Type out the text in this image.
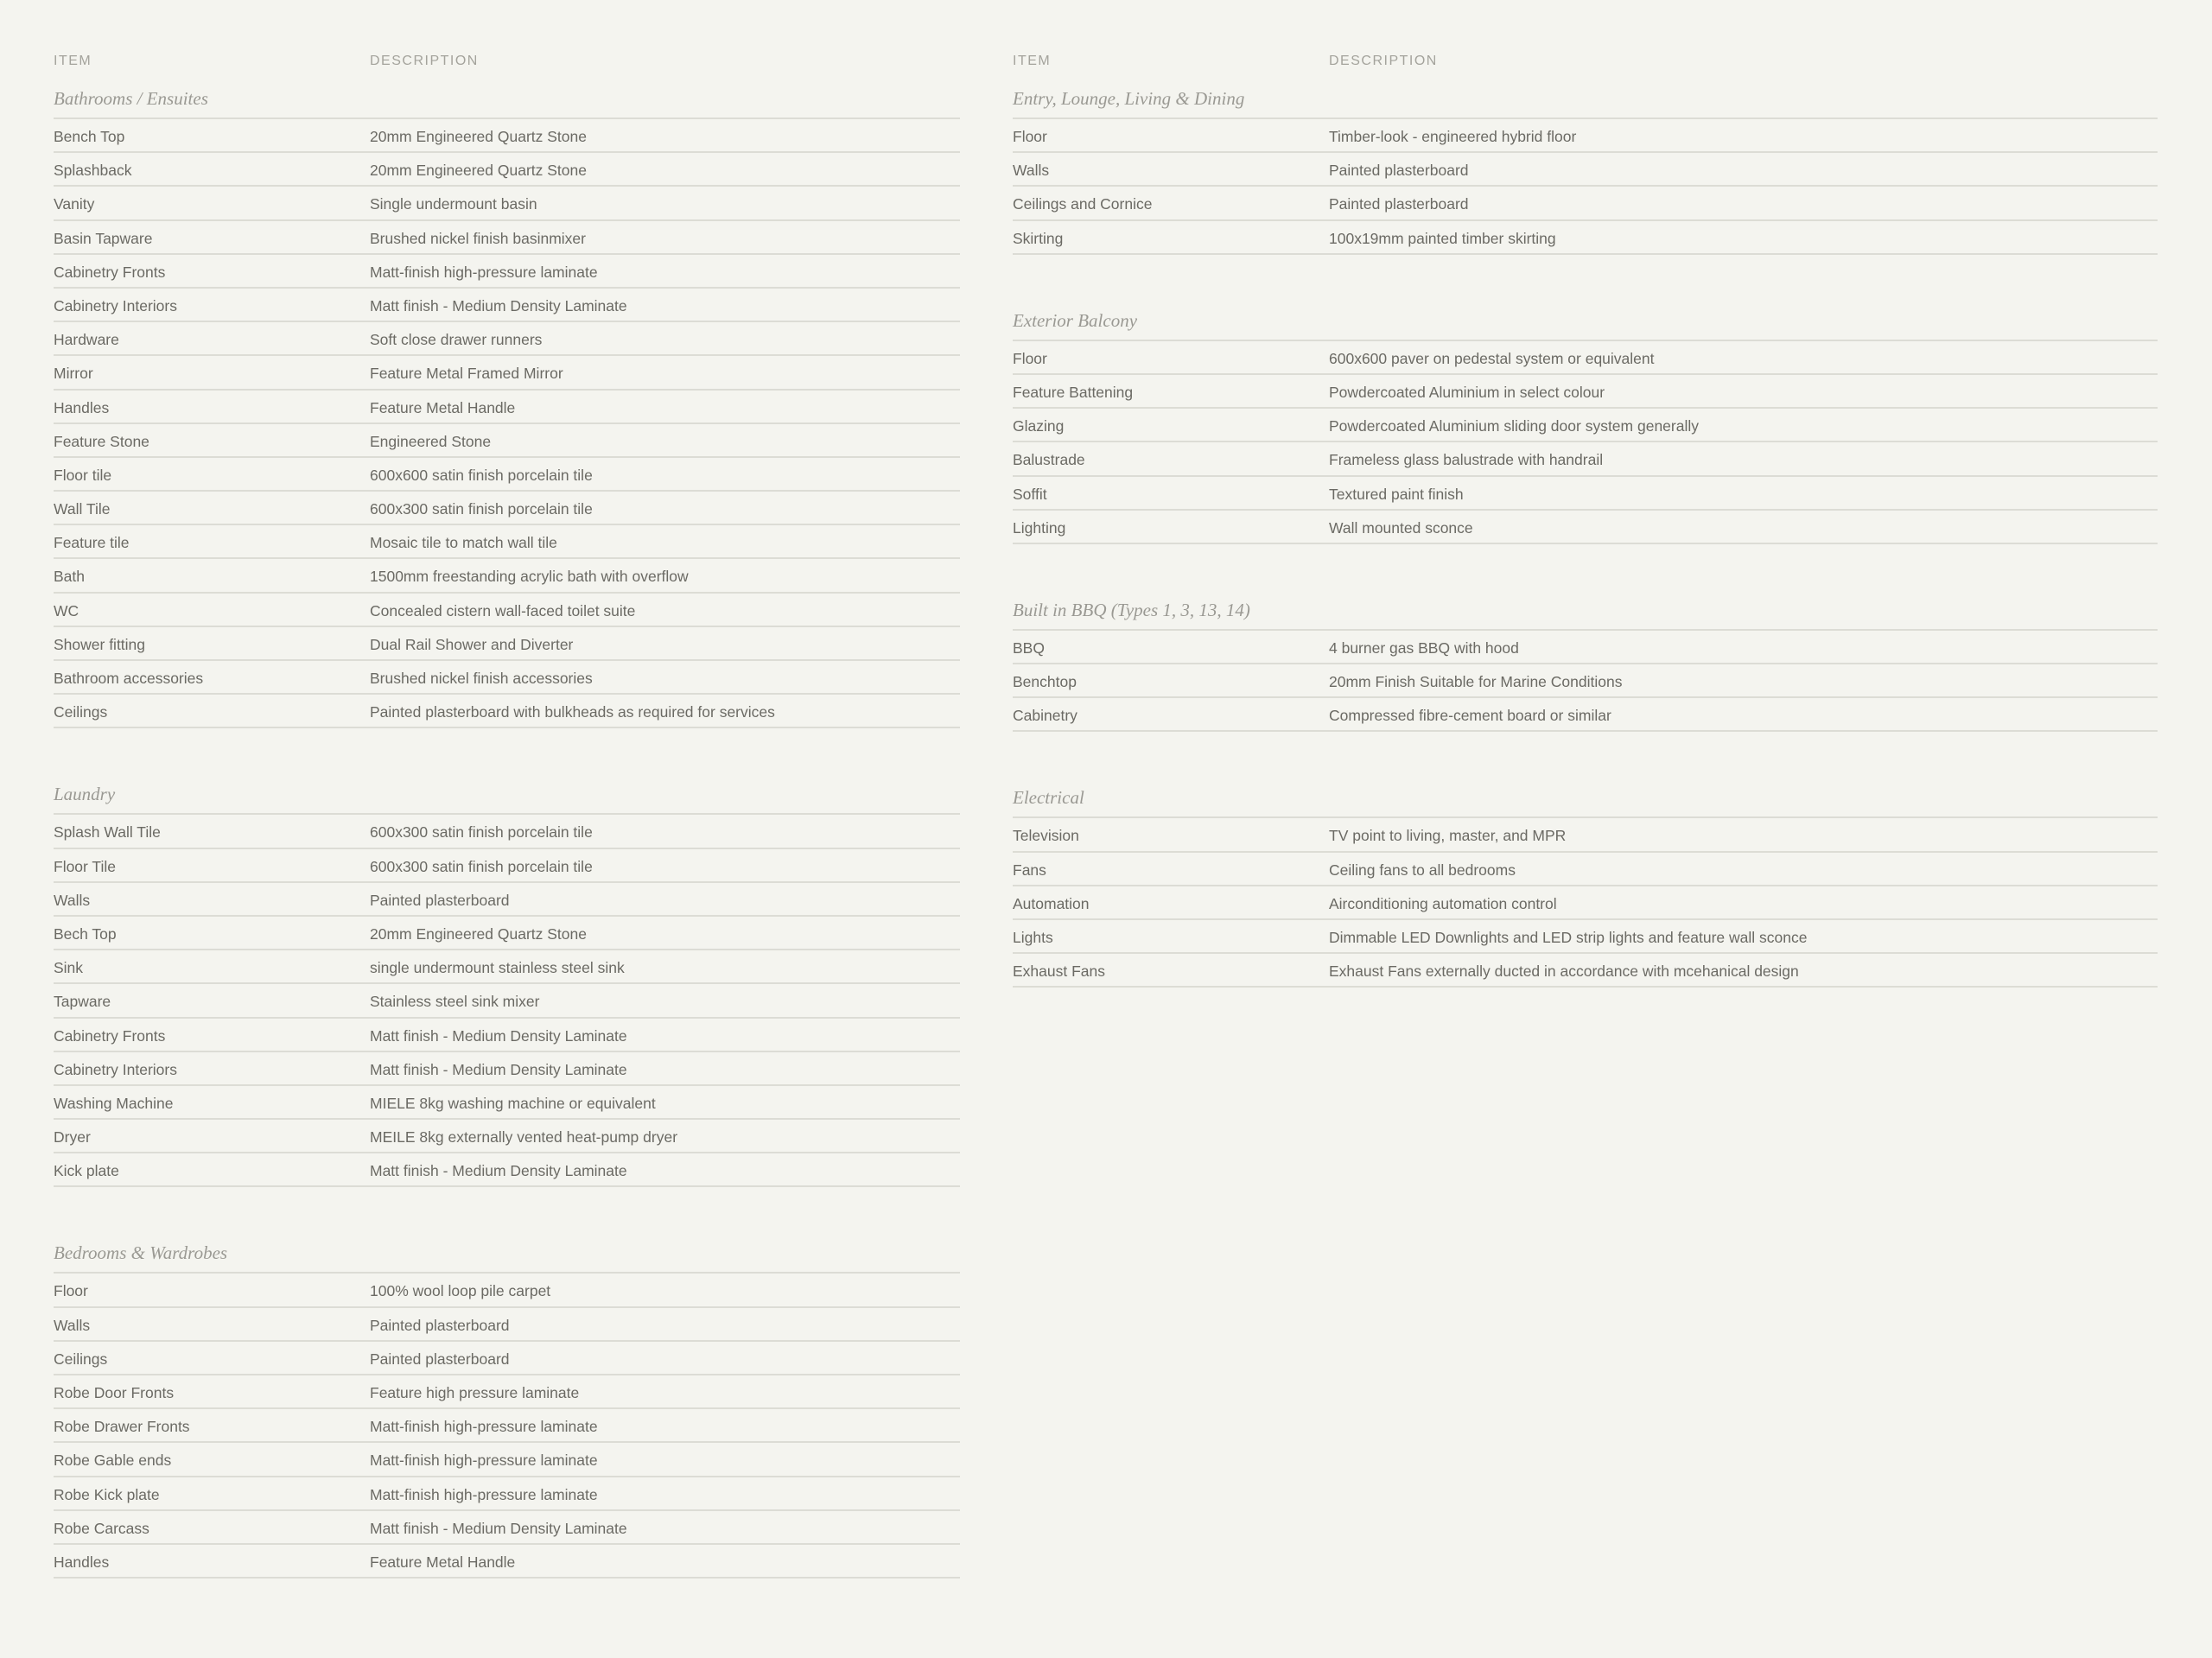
ITEM	DESCRIPTION
Bathrooms / Ensuites
Bench Top	20mm Engineered Quartz Stone
Splashback	20mm Engineered Quartz Stone
Vanity	Single undermount basin
Basin Tapware	Brushed nickel finish basinmixer
Cabinetry Fronts	Matt-finish high-pressure laminate
Cabinetry Interiors	Matt finish - Medium Density Laminate
Hardware	Soft close drawer runners
Mirror	Feature Metal Framed Mirror
Handles	Feature Metal Handle
Feature Stone	Engineered Stone
Floor tile	600x600 satin finish porcelain tile
Wall Tile	600x300 satin finish porcelain tile
Feature tile	Mosaic tile to match wall tile
Bath	1500mm freestanding acrylic bath with overflow
WC	Concealed cistern wall-faced toilet suite
Shower fitting	Dual Rail Shower and Diverter
Bathroom accessories	Brushed nickel finish accessories
Ceilings	Painted plasterboard with bulkheads as required for services
Laundry
Splash Wall Tile	600x300 satin finish porcelain tile
Floor Tile	600x300 satin finish porcelain tile
Walls	Painted plasterboard
Bech Top	20mm Engineered Quartz Stone
Sink	single undermount stainless steel sink
Tapware	Stainless steel sink mixer
Cabinetry Fronts	Matt finish - Medium Density Laminate
Cabinetry Interiors	Matt finish - Medium Density Laminate
Washing Machine	MIELE 8kg washing machine or equivalent
Dryer	MEILE 8kg externally vented heat-pump dryer
Kick plate	Matt finish - Medium Density Laminate
Bedrooms & Wardrobes
Floor	100% wool loop pile carpet
Walls	Painted plasterboard
Ceilings	Painted plasterboard
Robe Door Fronts	Feature high pressure laminate
Robe Drawer Fronts	Matt-finish high-pressure laminate
Robe Gable ends	Matt-finish high-pressure laminate
Robe Kick plate	Matt-finish high-pressure laminate
Robe Carcass	Matt finish - Medium Density Laminate
Handles	Feature Metal Handle
ITEM	DESCRIPTION
Entry, Lounge, Living & Dining
Floor	Timber-look - engineered hybrid floor
Walls	Painted plasterboard
Ceilings and Cornice	Painted plasterboard
Skirting	100x19mm painted timber skirting
Exterior Balcony
Floor	600x600 paver on pedestal system or equivalent
Feature Battening	Powdercoated Aluminium in select colour
Glazing	Powdercoated Aluminium sliding door system generally
Balustrade	Frameless glass balustrade with handrail
Soffit	Textured paint finish
Lighting	Wall mounted sconce
Built in BBQ (Types 1, 3, 13, 14)
BBQ	4 burner gas BBQ with hood
Benchtop	20mm Finish Suitable for Marine Conditions
Cabinetry	Compressed fibre-cement board or similar
Electrical
Television	TV point to living, master, and MPR
Fans	Ceiling fans to all bedrooms
Automation	Airconditioning automation control
Lights	Dimmable LED Downlights and LED strip lights and feature wall sconce
Exhaust Fans	Exhaust Fans externally ducted in accordance with mcehanical design
